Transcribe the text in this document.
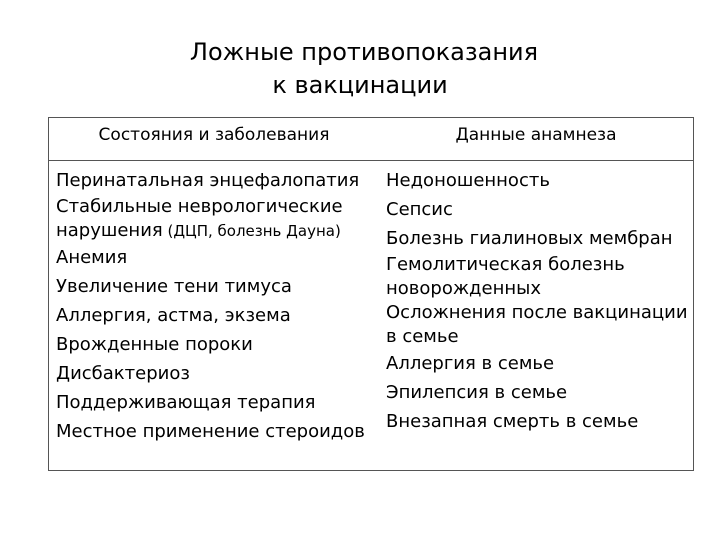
Ложные противопоказания
к вакцинации
Состояния и заболевания	Данные анамнеза
Перинатальная энцефалопатия
Стабильные неврологические
нарушения (ДЦП, болезнь Дауна)
Анемия
Увеличение тени тимуса
Аллергия, астма, экзема
Врожденные пороки
Дисбактериоз
Поддерживающая терапия
Местное применение стероидов
Недоношенность
Сепсис
Болезнь гиалиновых мембран
Гемолитическая болезнь
новорожденных
Осложнения после вакцинации
в семье
Аллергия в семье
Эпилепсия в семье
Внезапная смерть в семье
